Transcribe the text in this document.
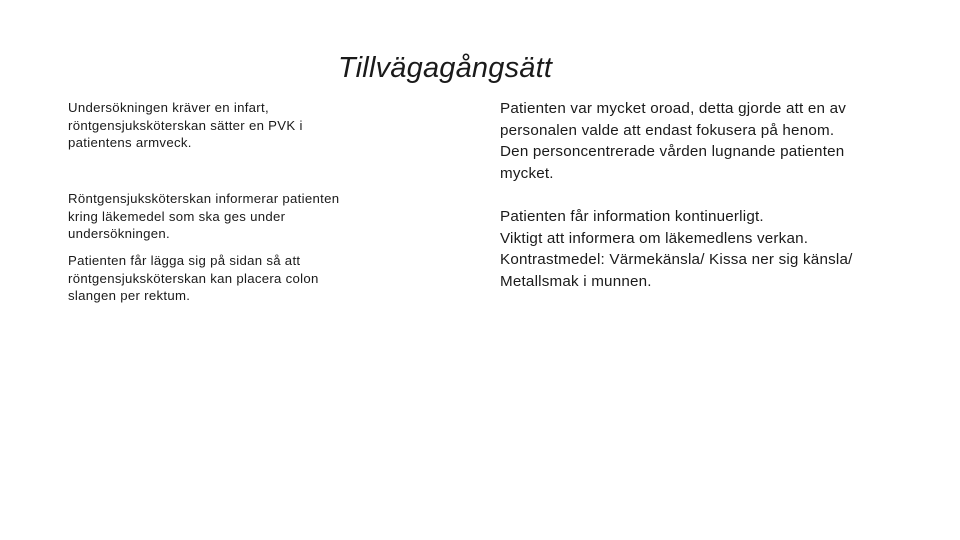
Tillvägagångsätt

Undersökningen kräver en infart,
röntgensjuksköterskan sätter en PVK i
patientens armveck.

Röntgensjuksköterskan informerar patienten
kring läkemedel som ska ges under
undersökningen.

Patienten får lägga sig på sidan så att
röntgensjuksköterskan kan placera colon
slangen per rektum.

Patienten var mycket oroad, detta gjorde att en av
personalen valde att endast fokusera på henom.
Den personcentrerade vården lugnande patienten
mycket.

Patienten får information kontinuerligt.
Viktigt att informera om läkemedlens verkan.
Kontrastmedel: Värmekänsla/ Kissa ner sig känsla/
Metallsmak i munnen.
